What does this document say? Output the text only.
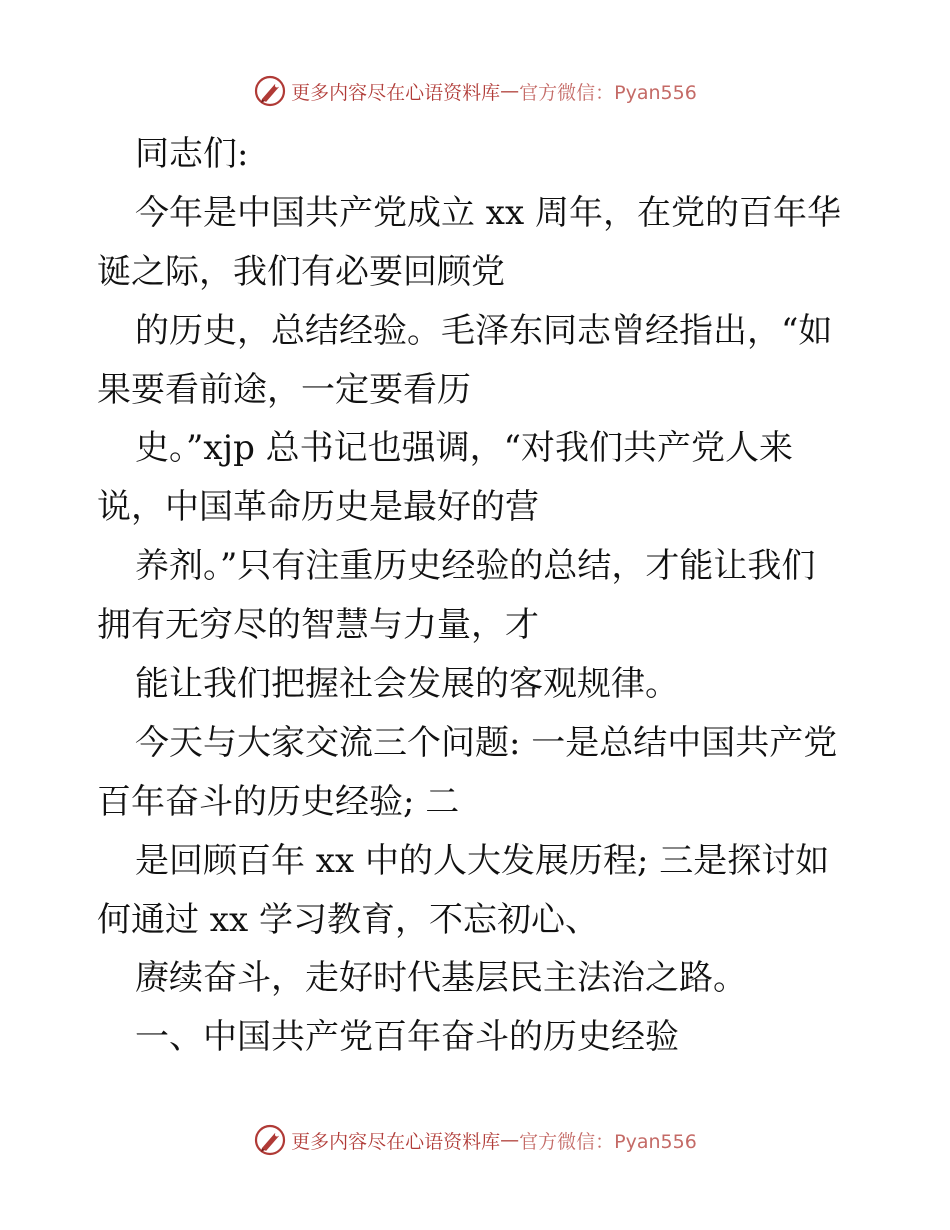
更多内容尽在心语资料库 — 官方微信：Pyan556
同志们:
今年是中国共产党成立 xx 周年，在党的百年华
诞之际，我们有必要回顾党
的历史，总结经验。毛泽东同志曾经指出，“如
果要看前途，一定要看历
史。”xjp 总书记也强调，“对我们共产党人来
说，中国革命历史是最好的营
养剂。”只有注重历史经验的总结，才能让我们
拥有无穷尽的智慧与力量，才
能让我们把握社会发展的客观规律。
今天与大家交流三个问题: 一是总结中国共产党
百年奋斗的历史经验; 二
是回顾百年 xx 中的人大发展历程; 三是探讨如
何通过 xx 学习教育，不忘初心、
赓续奋斗，走好时代基层民主法治之路。
一、中国共产党百年奋斗的历史经验
更多内容尽在心语资料库 — 官方微信：Pyan556
